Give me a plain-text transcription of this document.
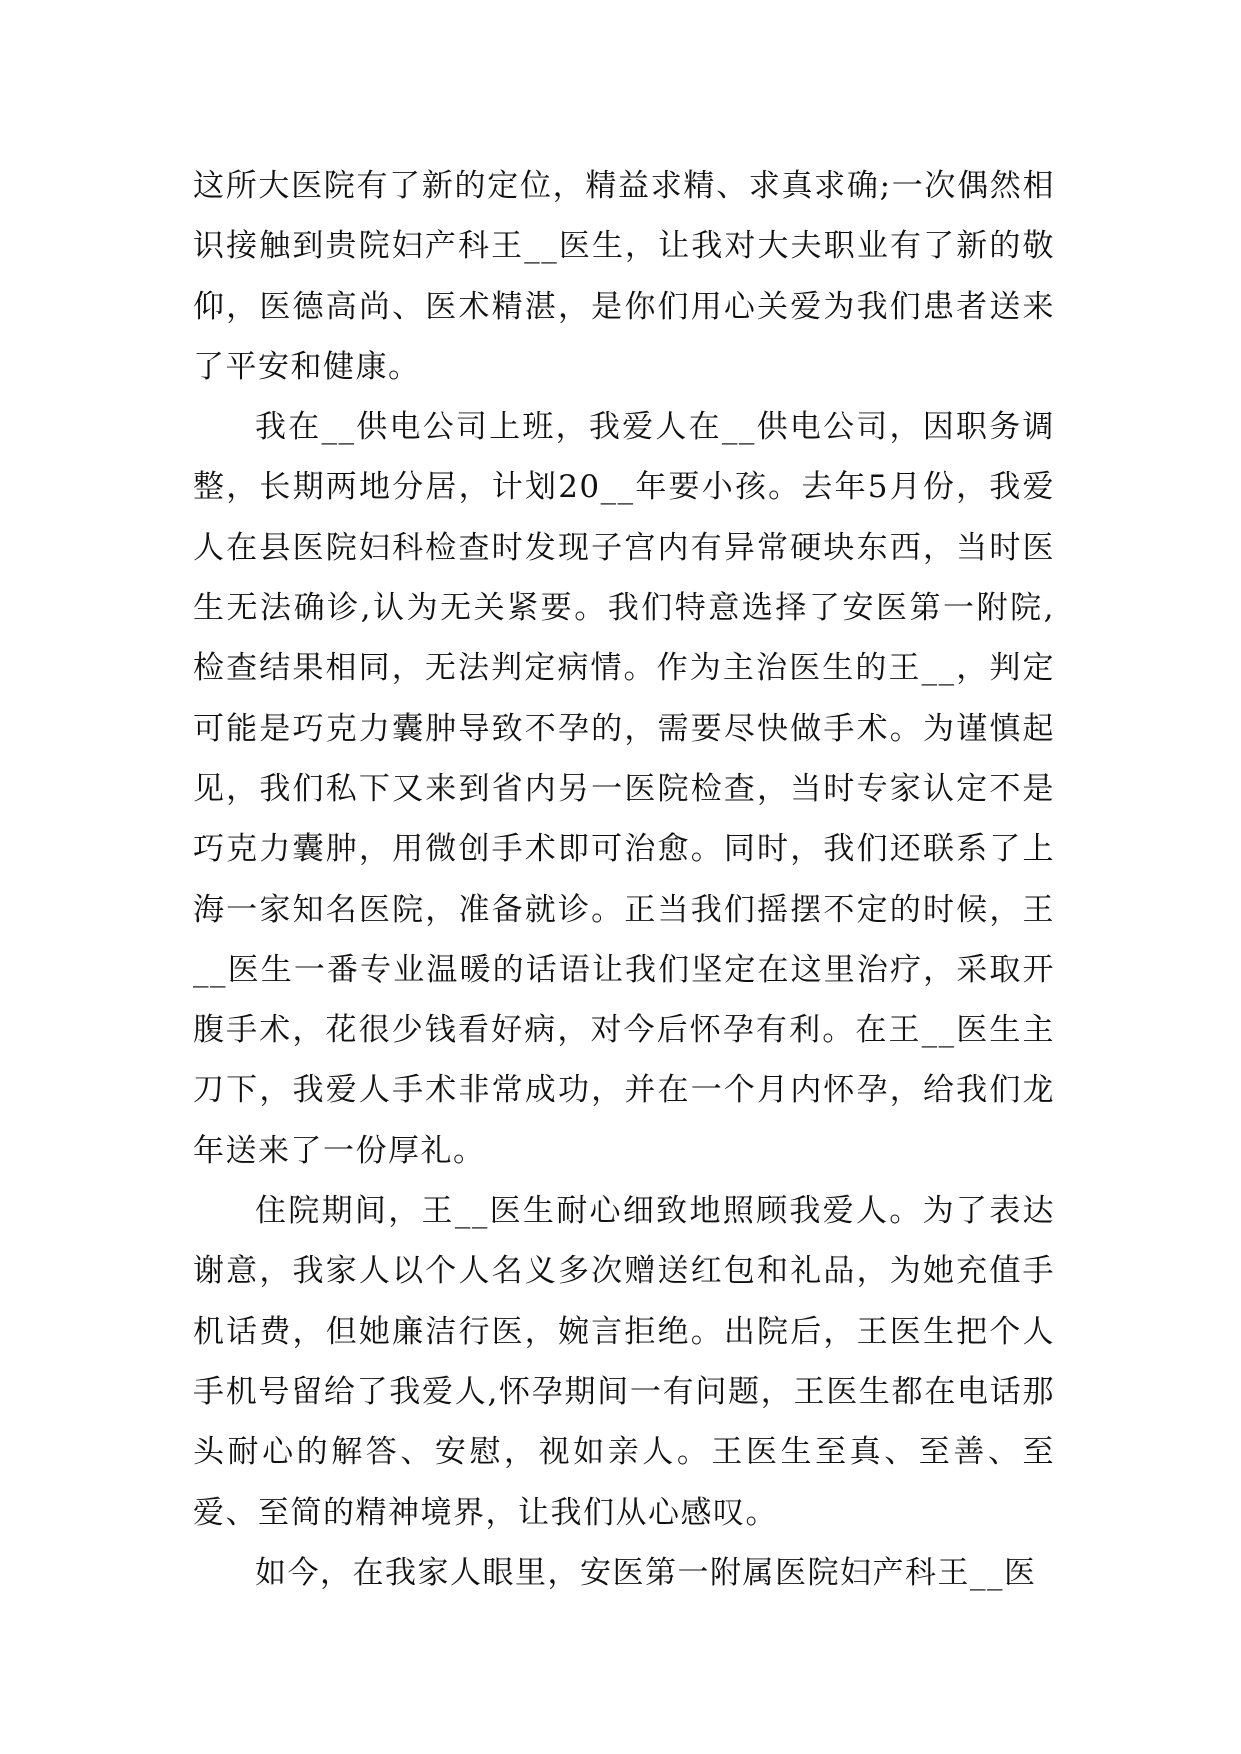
这所大医院有了新的定位，精益求精、求真求确;一次偶然相识接触到贵院妇产科王__医生，让我对大夫职业有了新的敬仰，医德高尚、医术精湛，是你们用心关爱为我们患者送来了平安和健康。

我在__供电公司上班，我爱人在__供电公司，因职务调整，长期两地分居，计划20__年要小孩。去年5月份，我爱人在县医院妇科检查时发现子宫内有异常硬块东西，当时医生无法确诊,认为无关紧要。我们特意选择了安医第一附院,检查结果相同，无法判定病情。作为主治医生的王__，判定可能是巧克力囊肿导致不孕的，需要尽快做手术。为谨慎起见，我们私下又来到省内另一医院检查，当时专家认定不是巧克力囊肿，用微创手术即可治愈。同时，我们还联系了上海一家知名医院，准备就诊。正当我们摇摆不定的时候，王__医生一番专业温暖的话语让我们坚定在这里治疗，采取开腹手术，花很少钱看好病，对今后怀孕有利。在王__医生主刀下，我爱人手术非常成功，并在一个月内怀孕，给我们龙年送来了一份厚礼。

住院期间，王__医生耐心细致地照顾我爱人。为了表达谢意，我家人以个人名义多次赠送红包和礼品，为她充值手机话费，但她廉洁行医，婉言拒绝。出院后，王医生把个人手机号留给了我爱人,怀孕期间一有问题，王医生都在电话那头耐心的解答、安慰，视如亲人。王医生至真、至善、至爱、至简的精神境界，让我们从心感叹。

如今，在我家人眼里，安医第一附属医院妇产科王__医
